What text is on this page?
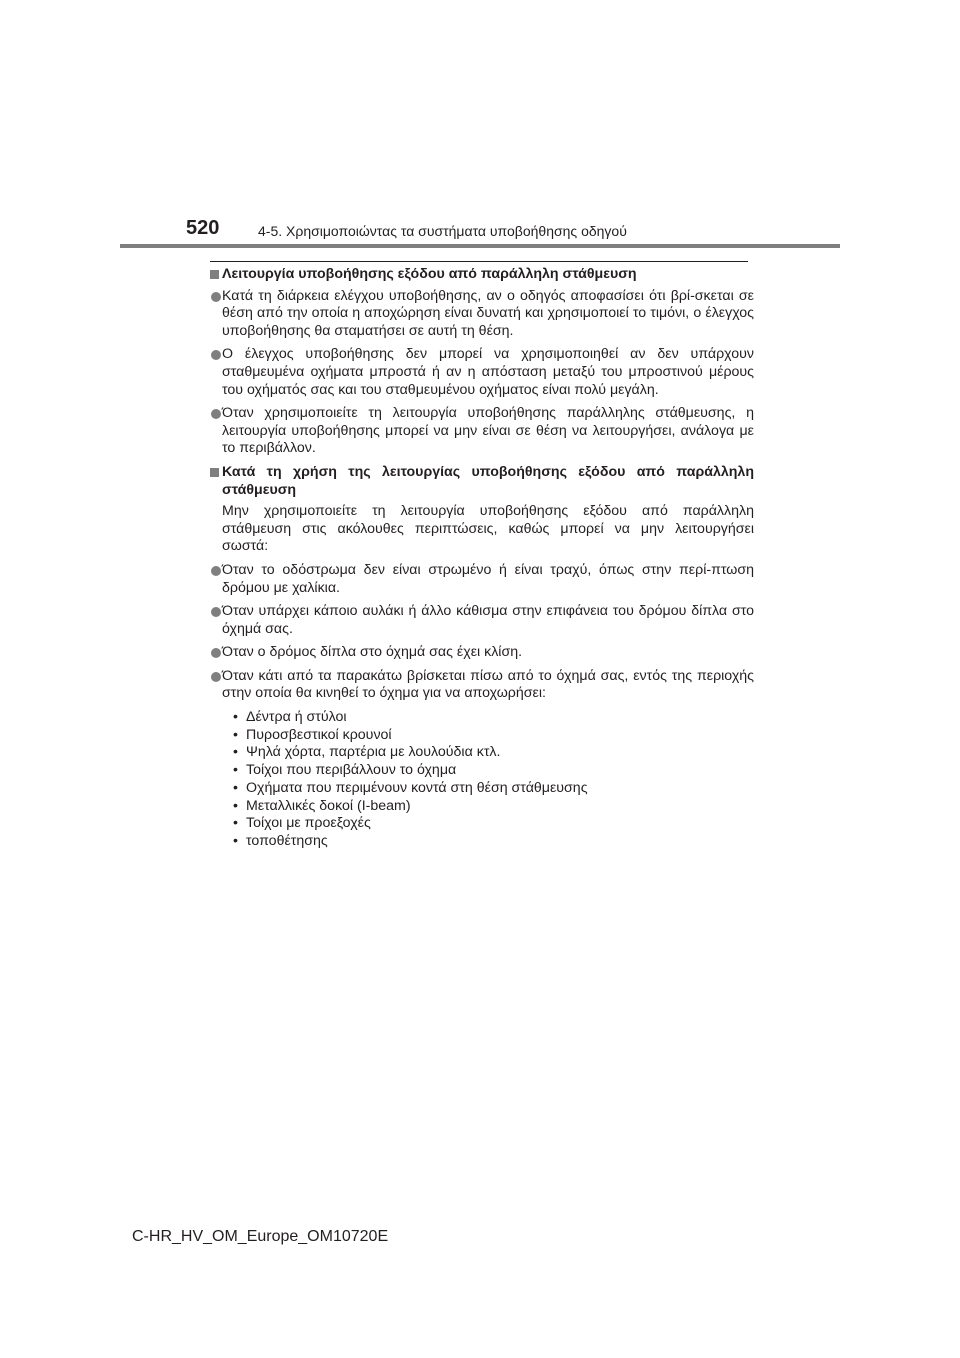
520	4-5. Χρησιμοποιώντας τα συστήματα υποβοήθησης οδηγού
Λειτουργία υποβοήθησης εξόδου από παράλληλη στάθμευση
Κατά τη διάρκεια ελέγχου υποβοήθησης, αν ο οδηγός αποφασίσει ότι βρί-σκεται σε θέση από την οποία η αποχώρηση είναι δυνατή και χρησιμοποιεί το τιμόνι, ο έλεγχος υποβοήθησης θα σταματήσει σε αυτή τη θέση.
Ο έλεγχος υποβοήθησης δεν μπορεί να χρησιμοποιηθεί αν δεν υπάρχουν σταθμευμένα οχήματα μπροστά ή αν η απόσταση μεταξύ του μπροστινού μέρους του οχήματός σας και του σταθμευμένου οχήματος είναι πολύ μεγάλη.
Όταν χρησιμοποιείτε τη λειτουργία υποβοήθησης παράλληλης στάθμευσης, η λειτουργία υποβοήθησης μπορεί να μην είναι σε θέση να λειτουργήσει, ανάλογα με το περιβάλλον.
Κατά τη χρήση της λειτουργίας υποβοήθησης εξόδου από παράλληλη στάθμευση
Μην χρησιμοποιείτε τη λειτουργία υποβοήθησης εξόδου από παράλληλη
στάθμευση στις ακόλουθες περιπτώσεις, καθώς μπορεί να μην λειτουργήσει
σωστά:
Όταν το οδόστρωμα δεν είναι στρωμένο ή είναι τραχύ, όπως στην περί-πτωση δρόμου με χαλίκια.
Όταν υπάρχει κάποιο αυλάκι ή άλλο κάθισμα στην επιφάνεια του δρόμου δίπλα στο όχημά σας.
Όταν ο δρόμος δίπλα στο όχημά σας έχει κλίση.
Όταν κάτι από τα παρακάτω βρίσκεται πίσω από το όχημά σας, εντός της περιοχής στην οποία θα κινηθεί το όχημα για να αποχωρήσει:
• Δέντρα ή στύλοι
• Πυροσβεστικοί κρουνοί
• Ψηλά χόρτα, παρτέρια με λουλούδια κτλ.
• Τοίχοι που περιβάλλουν το όχημα
• Οχήματα που περιμένουν κοντά στη θέση στάθμευσης
• Μεταλλικές δοκοί (I-beam)
• Τοίχοι με προεξοχές
• τοποθέτησης
C-HR_HV_OM_Europe_OM10720E
